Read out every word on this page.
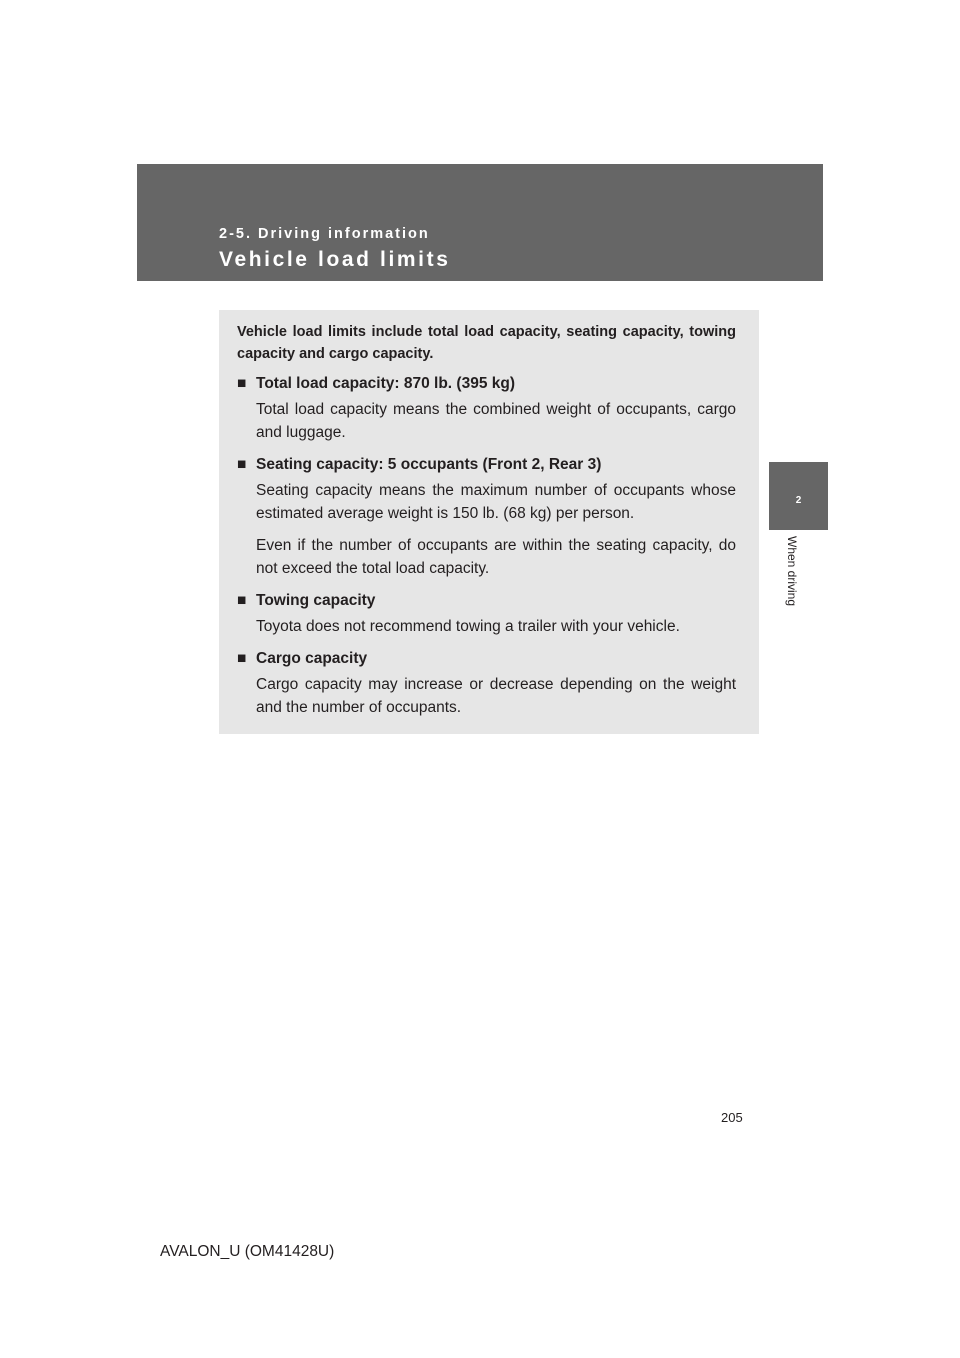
2-5. Driving information
Vehicle load limits
2
When driving
Vehicle load limits include total load capacity, seating capacity, towing capacity and cargo capacity.
■ Total load capacity: 870 lb. (395 kg)
Total load capacity means the combined weight of occupants, cargo and luggage.
■ Seating capacity: 5 occupants (Front 2, Rear 3)
Seating capacity means the maximum number of occupants whose estimated average weight is 150 lb. (68 kg) per person.
Even if the number of occupants are within the seating capacity, do not exceed the total load capacity.
■ Towing capacity
Toyota does not recommend towing a trailer with your vehicle.
■ Cargo capacity
Cargo capacity may increase or decrease depending on the weight and the number of occupants.
205
AVALON_U (OM41428U)
